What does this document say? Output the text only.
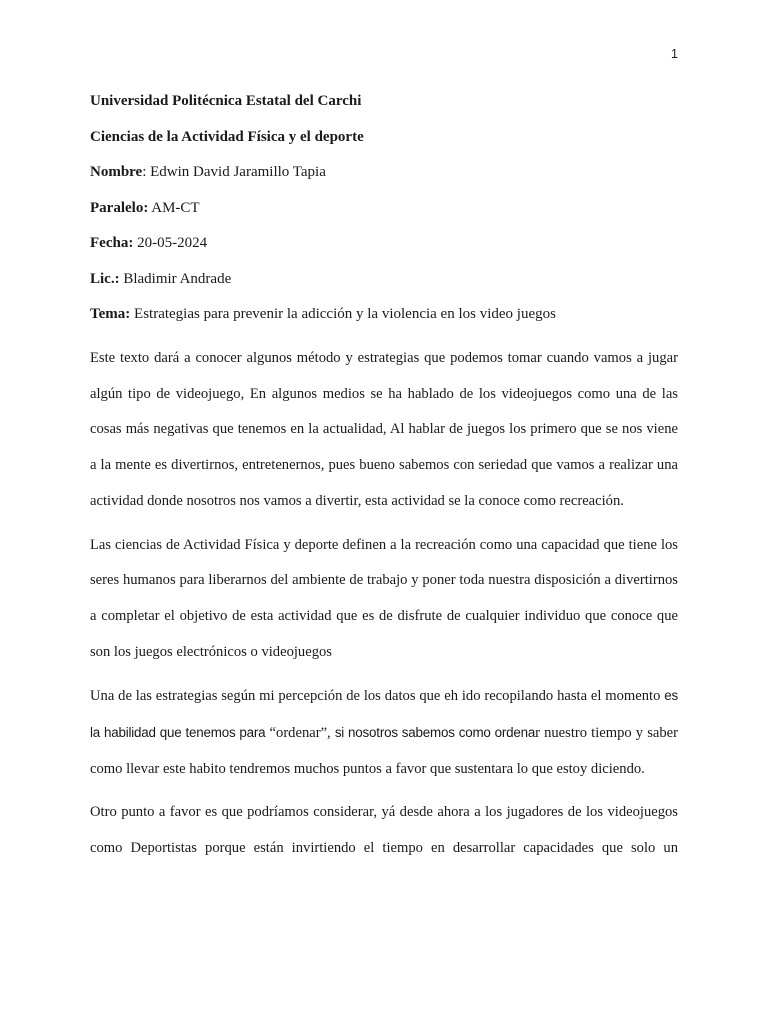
1
Universidad Politécnica Estatal del Carchi
Ciencias de la Actividad Física y el deporte
Nombre: Edwin David Jaramillo Tapia
Paralelo: AM-CT
Fecha: 20-05-2024
Lic.: Bladimir Andrade
Tema: Estrategias para prevenir la adicción y la violencia en los video juegos

Este texto dará a conocer algunos método y estrategias que podemos tomar cuando vamos a jugar algún tipo de videojuego, En algunos medios se ha hablado de los videojuegos como una de las cosas más negativas que tenemos en la actualidad, Al hablar de juegos los primero que se nos viene a la mente es divertirnos, entretenernos, pues bueno sabemos con seriedad que vamos a realizar una actividad donde nosotros nos vamos a divertir, esta actividad se la conoce como recreación.

Las ciencias de Actividad Física y deporte definen a la recreación como una capacidad que tiene los seres humanos para liberarnos del ambiente de trabajo y poner toda nuestra disposición a divertirnos a completar el objetivo de esta actividad que es de disfrute de cualquier individuo que conoce que son los juegos electrónicos o videojuegos

Una de las estrategias según mi percepción de los datos que eh ido recopilando hasta el momento es la habilidad que tenemos para “ordenar”, si nosotros sabemos como ordenar nuestro tiempo y saber como llevar este habito tendremos muchos puntos a favor que sustentara lo que estoy diciendo.

Otro punto a favor es que podríamos considerar, yá desde ahora a los jugadores de los videojuegos
como Deportistas porque están invirtiendo el tiempo en desarrollar capacidades que solo un
